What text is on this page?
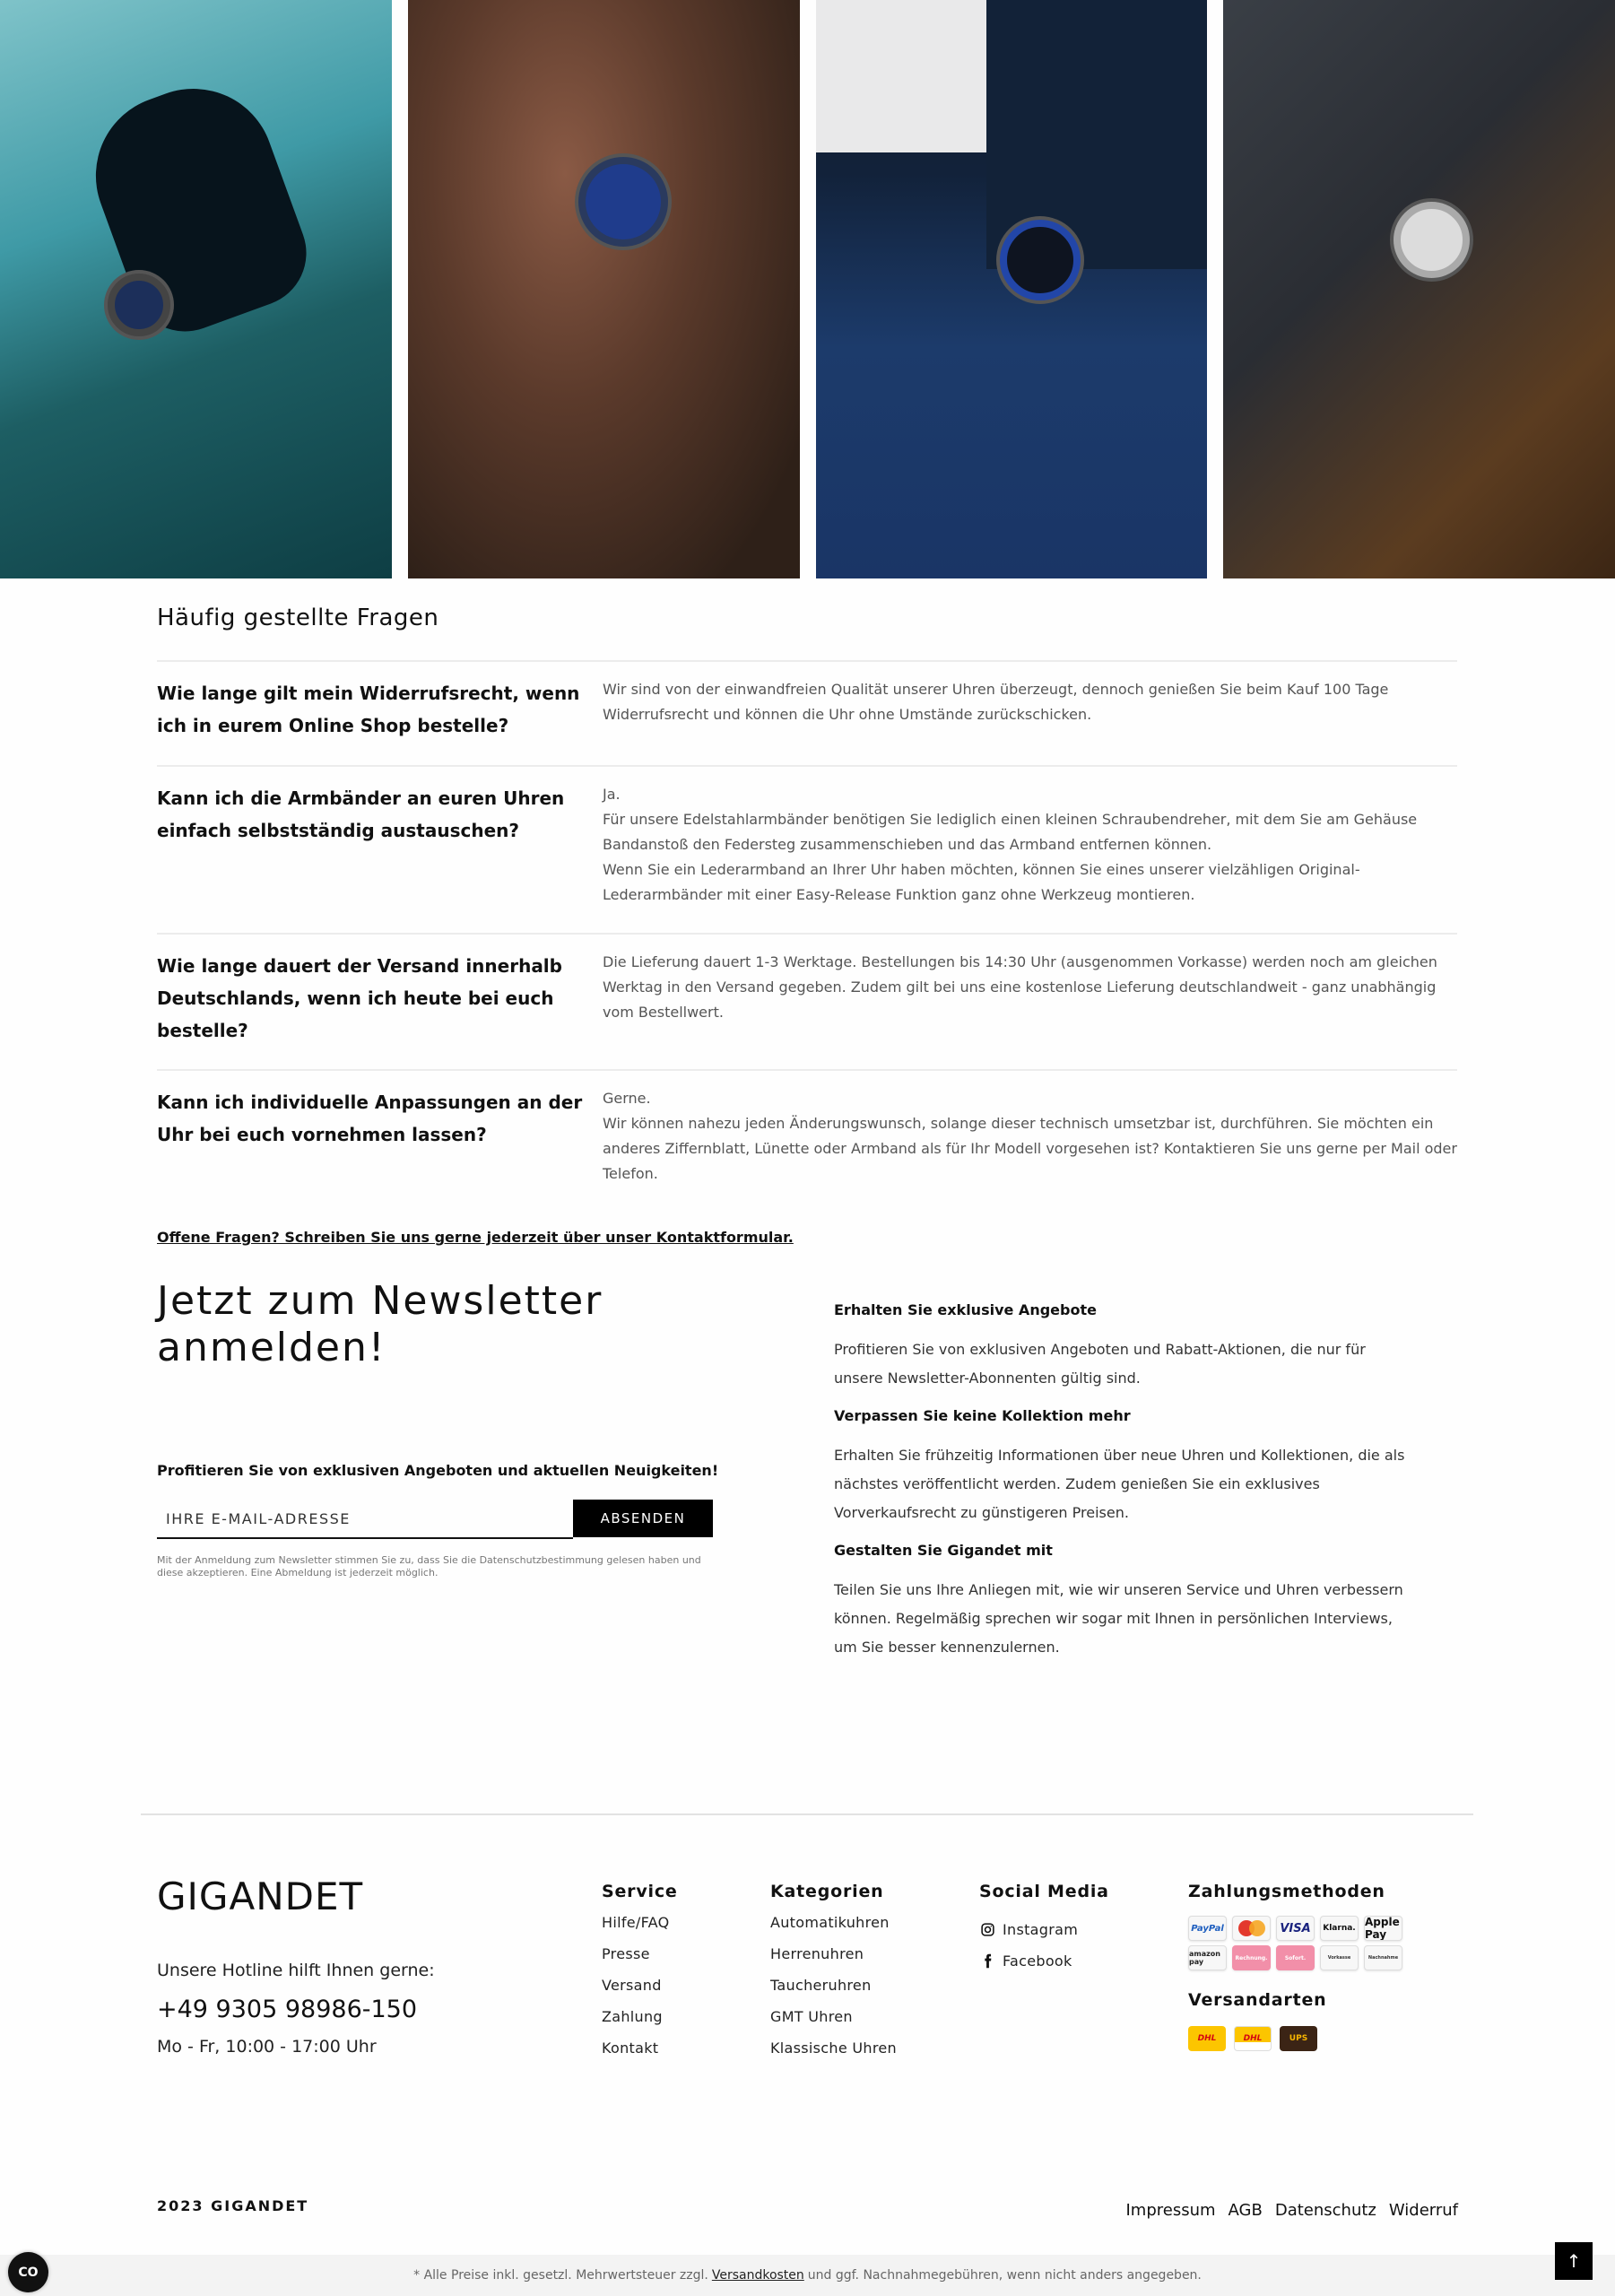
Häufig gestellte Fragen
Wie lange gilt mein Widerrufsrecht, wenn ich in eurem Online Shop bestelle?

Wir sind von der einwandfreien Qualität unserer Uhren überzeugt, dennoch genießen Sie beim Kauf 100 Tage Widerrufsrecht und können die Uhr ohne Umstände zurückschicken.

Kann ich die Armbänder an euren Uhren einfach selbstständig austauschen?

Ja.

Für unsere Edelstahlarmbänder benötigen Sie lediglich einen kleinen Schraubendreher, mit dem Sie am Gehäuse Bandanstoß den Federsteg zusammenschieben und das Armband entfernen können.

Wenn Sie ein Lederarmband an Ihrer Uhr haben möchten, können Sie eines unserer vielzähligen Original-Lederarmbänder mit einer Easy-Release Funktion ganz ohne Werkzeug montieren.

Wie lange dauert der Versand innerhalb Deutschlands, wenn ich heute bei euch bestelle?

Die Lieferung dauert 1-3 Werktage. Bestellungen bis 14:30 Uhr (ausgenommen Vorkasse) werden noch am gleichen Werktag in den Versand gegeben. Zudem gilt bei uns eine kostenlose Lieferung deutschlandweit - ganz unabhängig vom Bestellwert.

Kann ich individuelle Anpassungen an der Uhr bei euch vornehmen lassen?

Gerne.

Wir können nahezu jeden Änderungswunsch, solange dieser technisch umsetzbar ist, durchführen. Sie möchten ein anderes Ziffernblatt, Lünette oder Armband als für Ihr Modell vorgesehen ist? Kontaktieren Sie uns gerne per Mail oder Telefon.

Offene Fragen? Schreiben Sie uns gerne jederzeit über unser Kontaktformular.
Jetzt zum Newsletter anmelden!
Profitieren Sie von exklusiven Angeboten und aktuellen Neuigkeiten!
IHRE E-MAIL-ADRESSE
ABSENDEN
Mit der Anmeldung zum Newsletter stimmen Sie zu, dass Sie die Datenschutzbestimmung gelesen haben und diese akzeptieren. Eine Abmeldung ist jederzeit möglich.
Erhalten Sie exklusive Angebote
Profitieren Sie von exklusiven Angeboten und Rabatt-Aktionen, die nur für unsere Newsletter-Abonnenten gültig sind.
Verpassen Sie keine Kollektion mehr
Erhalten Sie frühzeitig Informationen über neue Uhren und Kollektionen, die als nächstes veröffentlicht werden. Zudem genießen Sie ein exklusives Vorverkaufsrecht zu günstigeren Preisen.
Gestalten Sie Gigandet mit
Teilen Sie uns Ihre Anliegen mit, wie wir unseren Service und Uhren verbessern können. Regelmäßig sprechen wir sogar mit Ihnen in persönlichen Interviews, um Sie besser kennenzulernen.
GIGANDET
Unsere Hotline hilft Ihnen gerne:
+49 9305 98986-150
Mo - Fr, 10:00 - 17:00 Uhr
Service
Hilfe/FAQ
Presse
Versand
Zahlung
Kontakt
Kategorien
Automatikuhren
Herrenuhren
Taucheruhren
GMT Uhren
Klassische Uhren
Social Media
Instagram
Facebook
Zahlungsmethoden
PayPal	VISA	Klarna. Apple Pay
amazon pay	Rechnung.	Sofort.	Vorkasse	Nachnahme
Versandarten
DHL	DHL	UPS
2023 GIGANDET	Impressum AGB Datenschutz Widerruf
* Alle Preise inkl. gesetzl. Mehrwertsteuer zzgl. Versandkosten und ggf. Nachnahmegebühren, wenn nicht anders angegeben.
CO
↑
